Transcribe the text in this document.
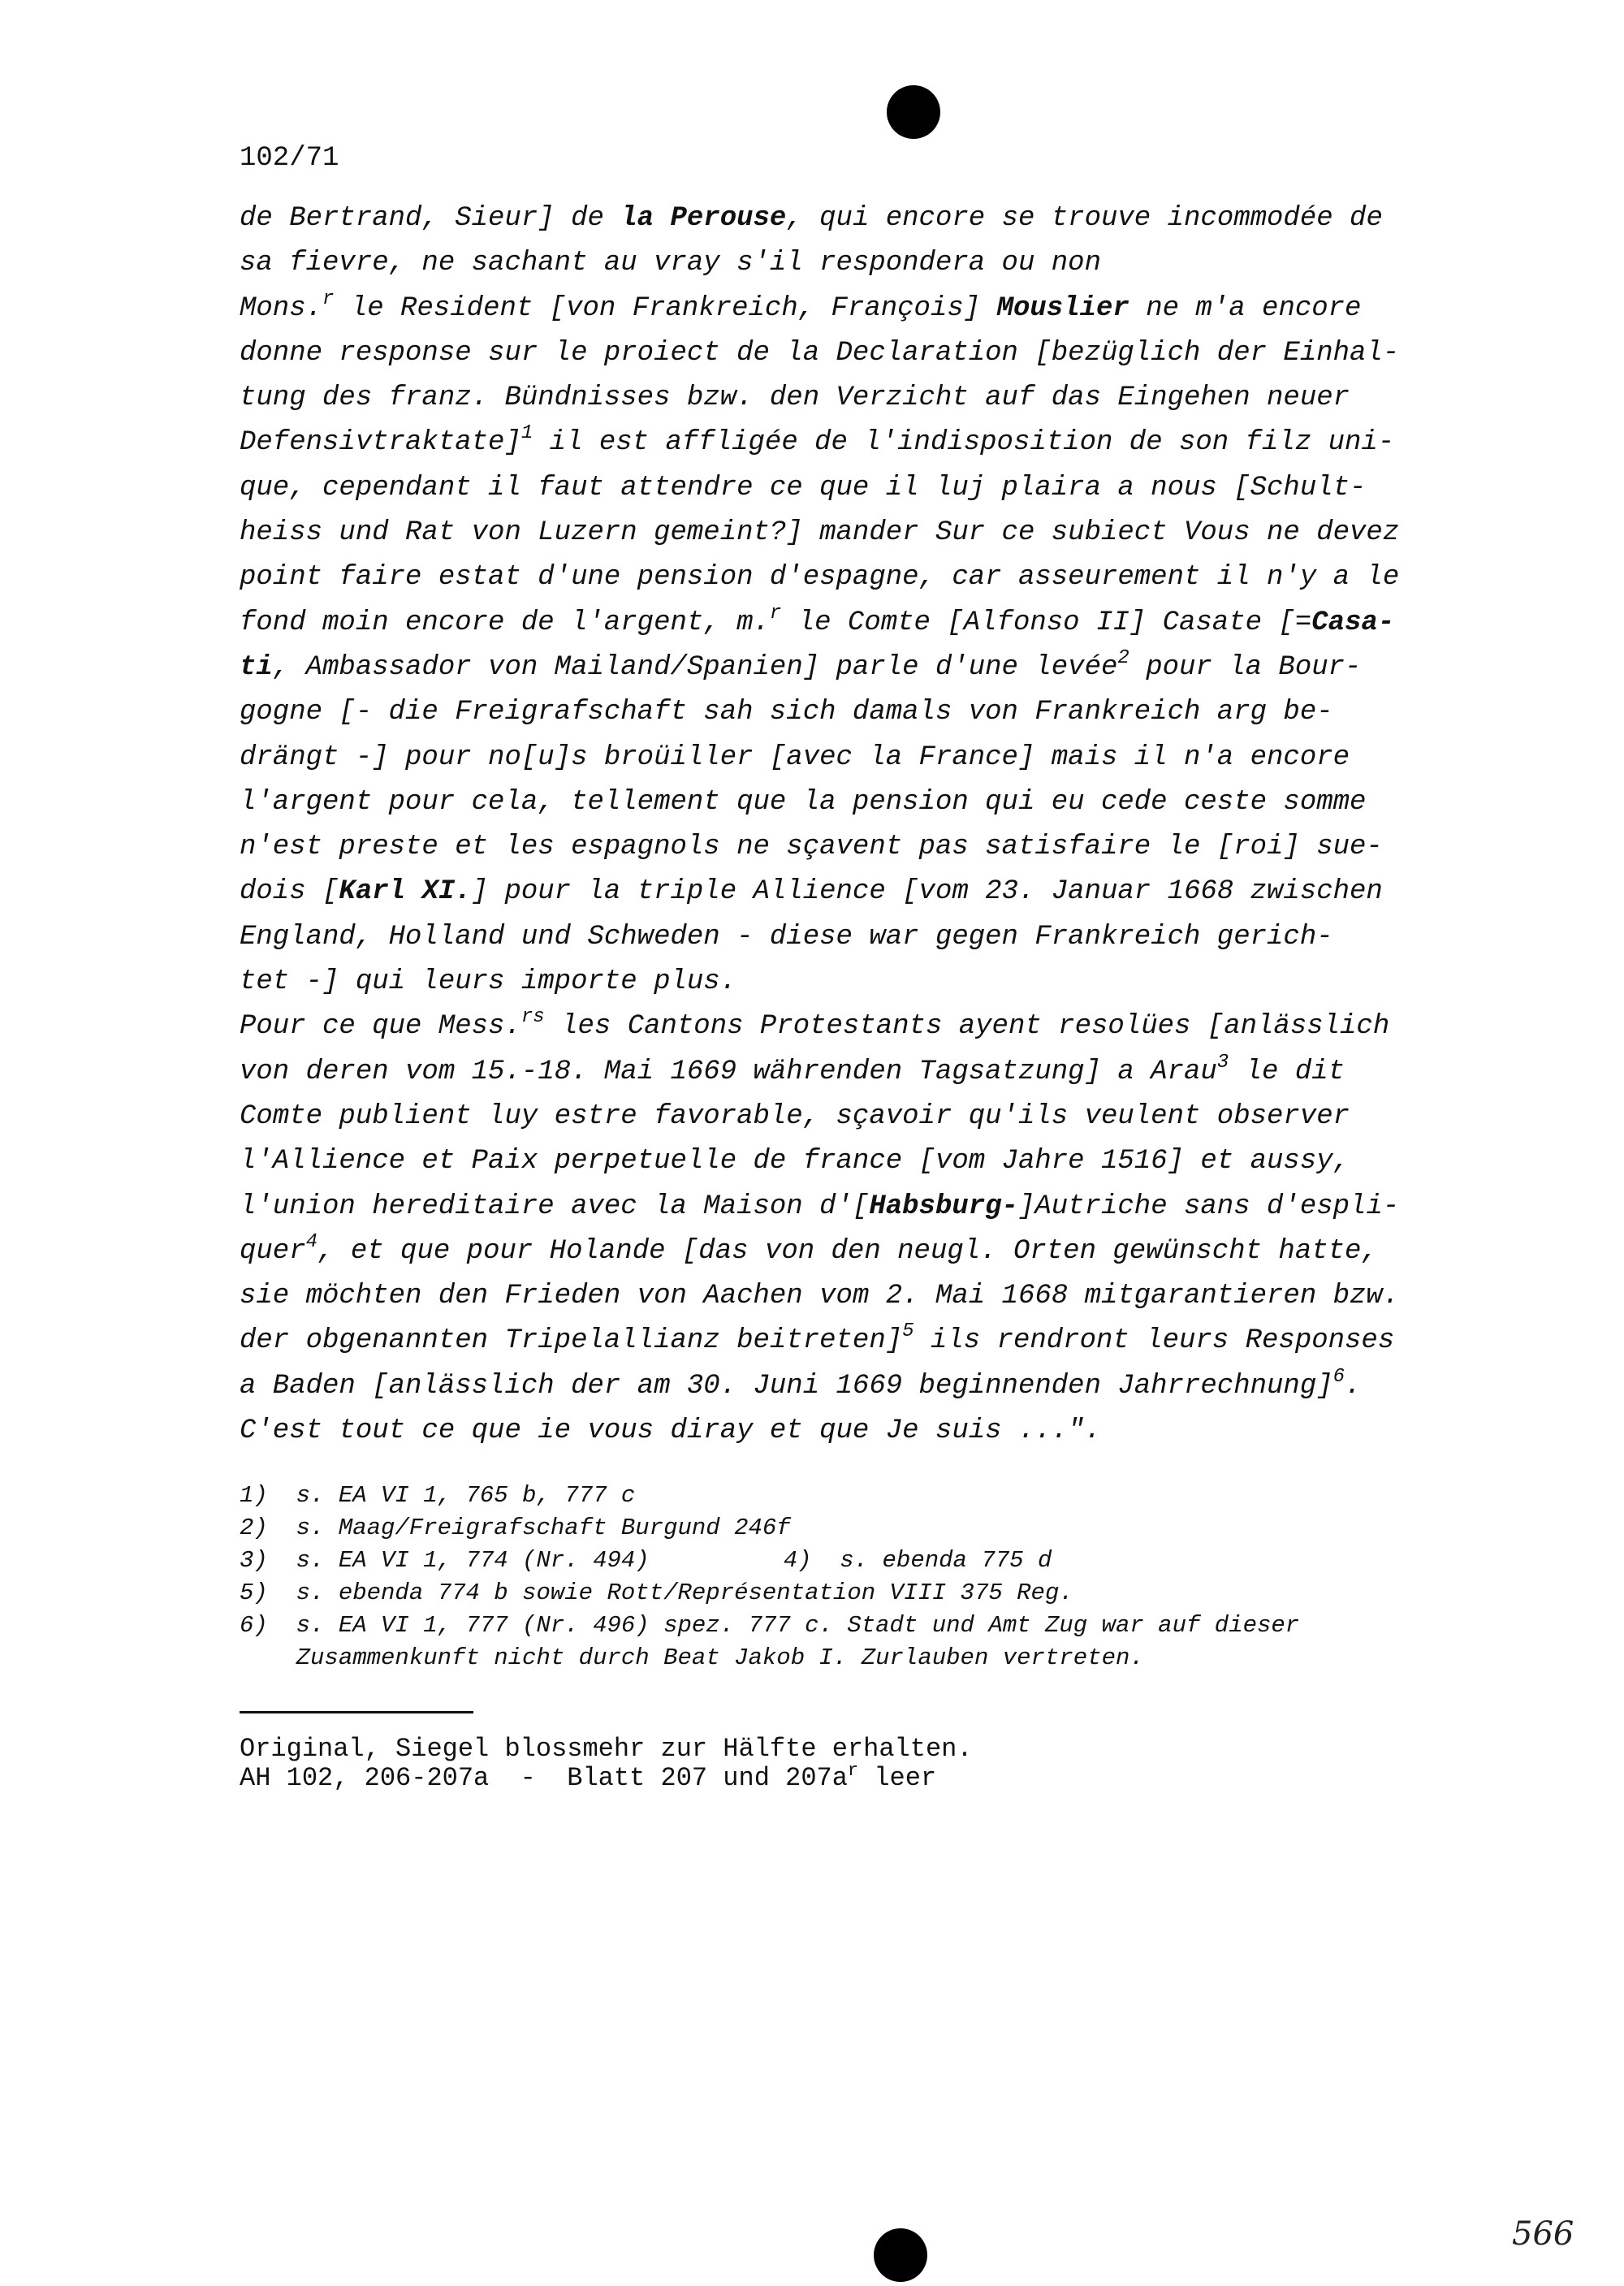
102/71
de Bertrand, Sieur] de la Perouse, qui encore se trouve incommodée de
sa fievre, ne sachant au vray s'il respondera ou non
Mons.$^r$ le Resident [von Frankreich, François] Mouslier ne m'a encore
donne response sur le proiect de la Declaration [bezüglich der Einhal-
tung des franz. Bündnisses bzw. den Verzicht auf das Eingehen neuer
Defensivtraktate]$^1$ il est affligée de l'indisposition de son filz uni-
que, cependant il faut attendre ce que il luj plaira a nous [Schult-
heiss und Rat von Luzern gemeint?] mander Sur ce subiect Vous ne devez
point faire estat d'une pension d'espagne, car asseurement il n'y a le
fond moin encore de l'argent, m.$^r$ le Comte [Alfonso II] Casate [=Casa-
ti, Ambassador von Mailand/Spanien] parle d'une levée$^2$ pour la Bour-
gogne [- die Freigrafschaft sah sich damals von Frankreich arg be-
drängt -] pour no[u]s broüiller [avec la France] mais il n'a encore
l'argent pour cela, tellement que la pension qui eu cede ceste somme
n'est preste et les espagnols ne sçavent pas satisfaire le [roi] sue-
dois [Karl XI.] pour la triple Allience [vom 23. Januar 1668 zwischen
England, Holland und Schweden - diese war gegen Frankreich gerich-
tet -] qui leurs importe plus.
Pour ce que Mess.$^{rs}$ les Cantons Protestants ayent resolües [anlässlich
von deren vom 15.-18. Mai 1669 währenden Tagsatzung] a Arau$^3$ le dit
Comte publient luy estre favorable, sçavoir qu'ils veulent observer
l'Allience et Paix perpetuelle de france [vom Jahre 1516] et aussy,
l'union hereditaire avec la Maison d'[Habsburg-]Autriche sans d'espli-
quer$^4$, et que pour Holande [das von den neugl. Orten gewünscht hatte,
sie möchten den Frieden von Aachen vom 2. Mai 1668 mitgarantieren bzw.
der obgenannten Tripelallianz beitreten]$^5$ ils rendront leurs Responses
a Baden [anlässlich der am 30. Juni 1669 beginnenden Jahrrechnung]$^6$.
C'est tout ce que ie vous diray et que Je suis ...".
1)  s. EA VI 1, 765 b, 777 c
2)  s. Maag/Freigrafschaft Burgund 246f
3)  s. EA VI 1, 774 (Nr. 494)	4)  s. ebenda 775 d
5)  s. ebenda 774 b sowie Rott/Représentation VIII 375 Reg.
6)  s. EA VI 1, 777 (Nr. 496) spez. 777 c. Stadt und Amt Zug war auf dieser
Zusammenkunft nicht durch Beat Jakob I. Zurlauben vertreten.
Original, Siegel blossmehr zur Hälfte erhalten.
AH 102, 206-207a  -  Blatt 207 und $207a^r$ leer
566
